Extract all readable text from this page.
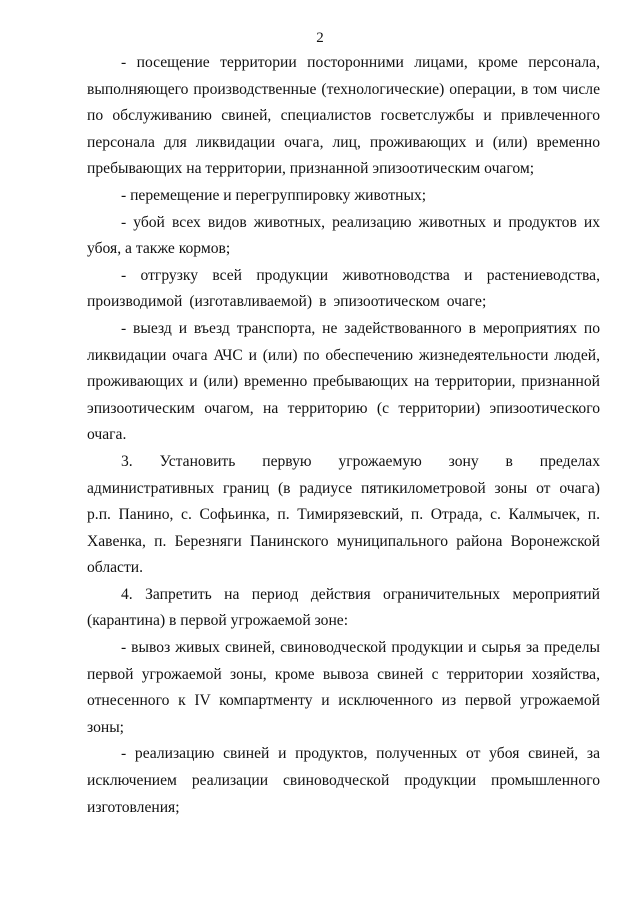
2

- посещение территории посторонними лицами, кроме персонала, выполняющего производственные (технологические) операции, в том числе по обслуживанию свиней, специалистов госветслужбы и привлеченного персонала для ликвидации очага, лиц, проживающих и (или) временно пребывающих на территории, признанной эпизоотическим очагом;

- перемещение и перегруппировку животных;

- убой всех видов животных, реализацию животных и продуктов их убоя, а также кормов;

- отгрузку всей продукции животноводства и растениеводства, производимой (изготавливаемой) в эпизоотическом очаге;

- выезд и въезд транспорта, не задействованного в мероприятиях по ликвидации очага АЧС и (или) по обеспечению жизнедеятельности людей, проживающих и (или) временно пребывающих на территории, признанной эпизоотическим очагом, на территорию (с территории) эпизоотического очага.

3. Установить первую угрожаемую зону в пределах административных границ (в радиусе пятикилометровой зоны от очага) р.п. Панино, с. Софьинка, п. Тимирязевский, п. Отрада, с. Калмычек, п. Хавенка, п. Березняги Панинского муниципального района Воронежской области.

4. Запретить на период действия ограничительных мероприятий (карантина) в первой угрожаемой зоне:

- вывоз живых свиней, свиноводческой продукции и сырья за пределы первой угрожаемой зоны, кроме вывоза свиней с территории хозяйства, отнесенного к IV компартменту и исключенного из первой угрожаемой зоны;

- реализацию свиней и продуктов, полученных от убоя свиней, за исключением реализации свиноводческой продукции промышленного изготовления;
